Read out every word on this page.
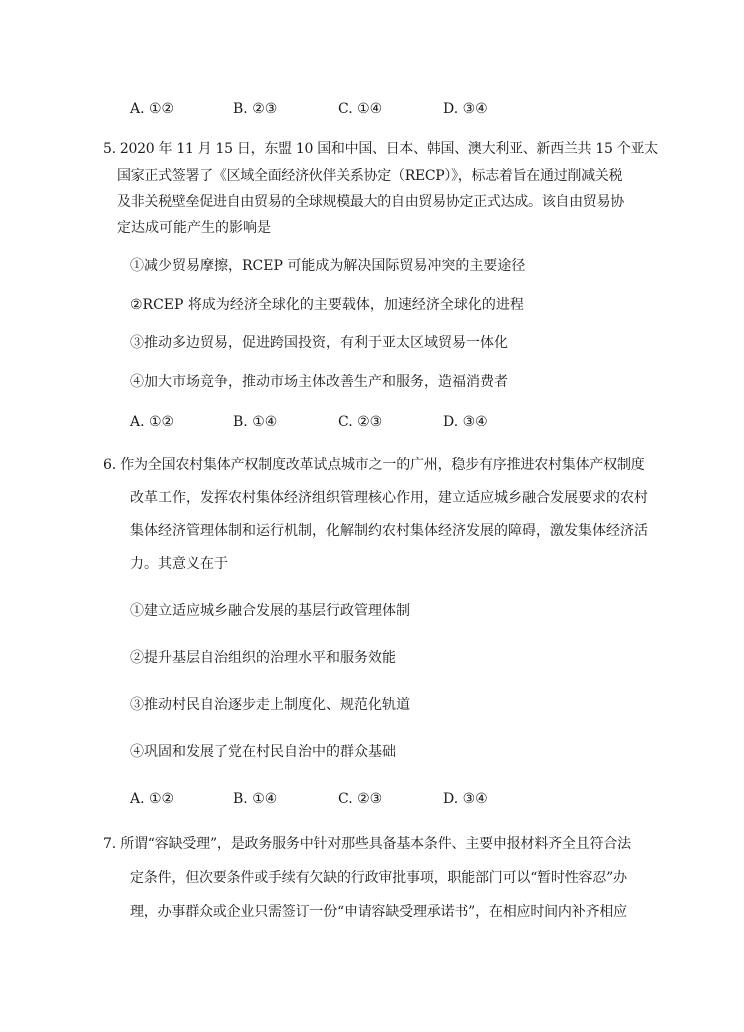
A. ①②	B. ②③	C. ①④	D. ③④
5. 2020 年 11 月 15 日，东盟 10 国和中国、日本、韩国、澳大利亚、新西兰共 15 个亚太
国家正式签署了《区域全面经济伙伴关系协定（RECP）》，标志着旨在通过削减关税
及非关税壁垒促进自由贸易的全球规模最大的自由贸易协定正式达成。该自由贸易协
定达成可能产生的影响是
①减少贸易摩擦，RCEP 可能成为解决国际贸易冲突的主要途径
②RCEP 将成为经济全球化的主要载体，加速经济全球化的进程
③推动多边贸易，促进跨国投资，有利于亚太区域贸易一体化
④加大市场竞争，推动市场主体改善生产和服务，造福消费者
A. ①②	B. ①④	C. ②③	D. ③④
6. 作为全国农村集体产权制度改革试点城市之一的广州，稳步有序推进农村集体产权制度
改革工作，发挥农村集体经济组织管理核心作用，建立适应城乡融合发展要求的农村
集体经济管理体制和运行机制，化解制约农村集体经济发展的障碍，激发集体经济活
力。其意义在于
①建立适应城乡融合发展的基层行政管理体制
②提升基层自治组织的治理水平和服务效能
③推动村民自治逐步走上制度化、规范化轨道
④巩固和发展了党在村民自治中的群众基础
A. ①②	B. ①④	C. ②③	D. ③④
7. 所谓“容缺受理”，是政务服务中针对那些具备基本条件、主要申报材料齐全且符合法
定条件，但次要条件或手续有欠缺的行政审批事项，职能部门可以“暂时性容忍”办
理，办事群众或企业只需签订一份“申请容缺受理承诺书”，在相应时间内补齐相应
